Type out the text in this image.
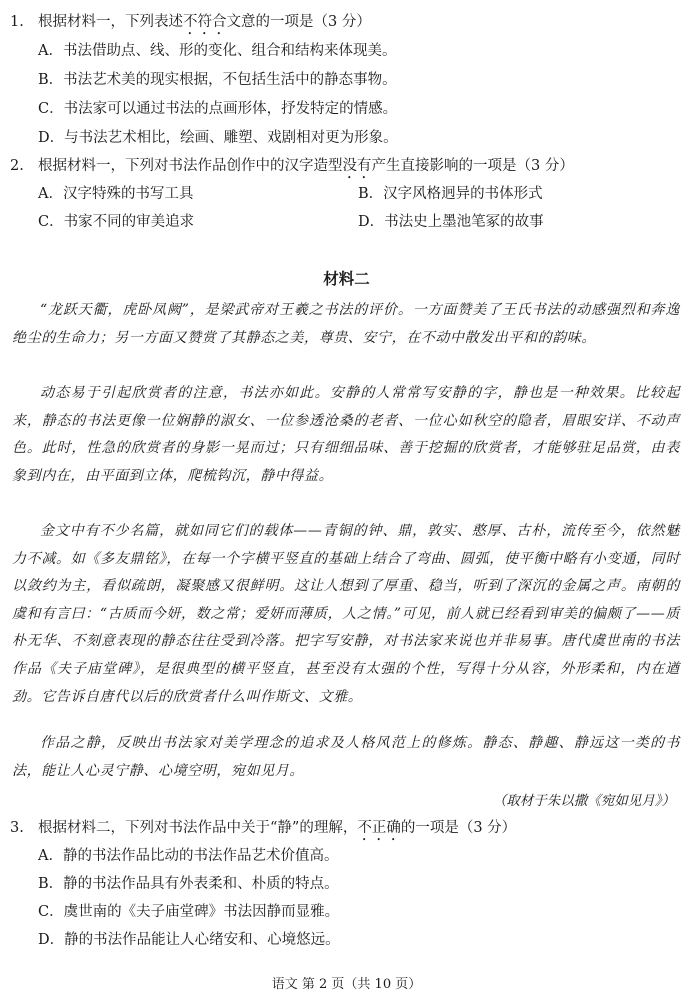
1. 根据材料一，下列表述不符合文意的一项是（3 分）
A．书法借助点、线、形的变化、组合和结构来体现美。
B．书法艺术美的现实根据，不包括生活中的静态事物。
C．书法家可以通过书法的点画形体，抒发特定的情感。
D．与书法艺术相比，绘画、雕塑、戏剧相对更为形象。
2. 根据材料一，下列对书法作品创作中的汉字造型没有产生直接影响的一项是（3 分）
A．汉字特殊的书写工具	B．汉字风格迥异的书体形式
C．书家不同的审美追求	D．书法史上墨池笔冢的故事
材料二
“龙跃天衢，虎卧凤阙”，是梁武帝对王羲之书法的评价。一方面赞美了王氏书法的动感强烈和奔逸绝尘的生命力；另一方面又赞赏了其静态之美，尊贵、安宁，在不动中散发出平和的韵味。
动态易于引起欣赏者的注意，书法亦如此。安静的人常常写安静的字，静也是一种效果。比较起来，静态的书法更像一位娴静的淑女、一位参透沧桑的老者、一位心如秋空的隐者，眉眼安详、不动声色。此时，性急的欣赏者的身影一晃而过；只有细细品味、善于挖掘的欣赏者，才能够驻足品赏，由表象到内在，由平面到立体，爬梳钩沉，静中得益。
金文中有不少名篇，就如同它们的载体——青铜的钟、鼎，敦实、憨厚、古朴，流传至今，依然魅力不减。如《多友鼎铭》，在每一个字横平竖直的基础上结合了弯曲、圆弧，使平衡中略有小变通，同时以敛约为主，看似疏朗，凝聚感又很鲜明。这让人想到了厚重、稳当，听到了深沉的金属之声。南朝的虞和有言曰：“古质而今妍，数之常；爱妍而薄质，人之情。”可见，前人就已经看到审美的偏颇了——质朴无华、不刻意表现的静态往往受到冷落。把字写安静，对书法家来说也并非易事。唐代虞世南的书法作品《夫子庙堂碑》，是很典型的横平竖直，甚至没有太强的个性，写得十分从容，外形柔和，内在遒劲。它告诉自唐代以后的欣赏者什么叫作斯文、文雅。
作品之静，反映出书法家对美学理念的追求及人格风范上的修炼。静态、静趣、静远这一类的书法，能让人心灵宁静、心境空明，宛如见月。
（取材于朱以撒《宛如见月》）
3. 根据材料二，下列对书法作品中关于“静”的理解，不正确的一项是（3 分）
A．静的书法作品比动的书法作品艺术价值高。
B．静的书法作品具有外表柔和、朴质的特点。
C．虞世南的《夫子庙堂碑》书法因静而显雅。
D．静的书法作品能让人心绪安和、心境悠远。
语文 第 2 页（共 10 页）
